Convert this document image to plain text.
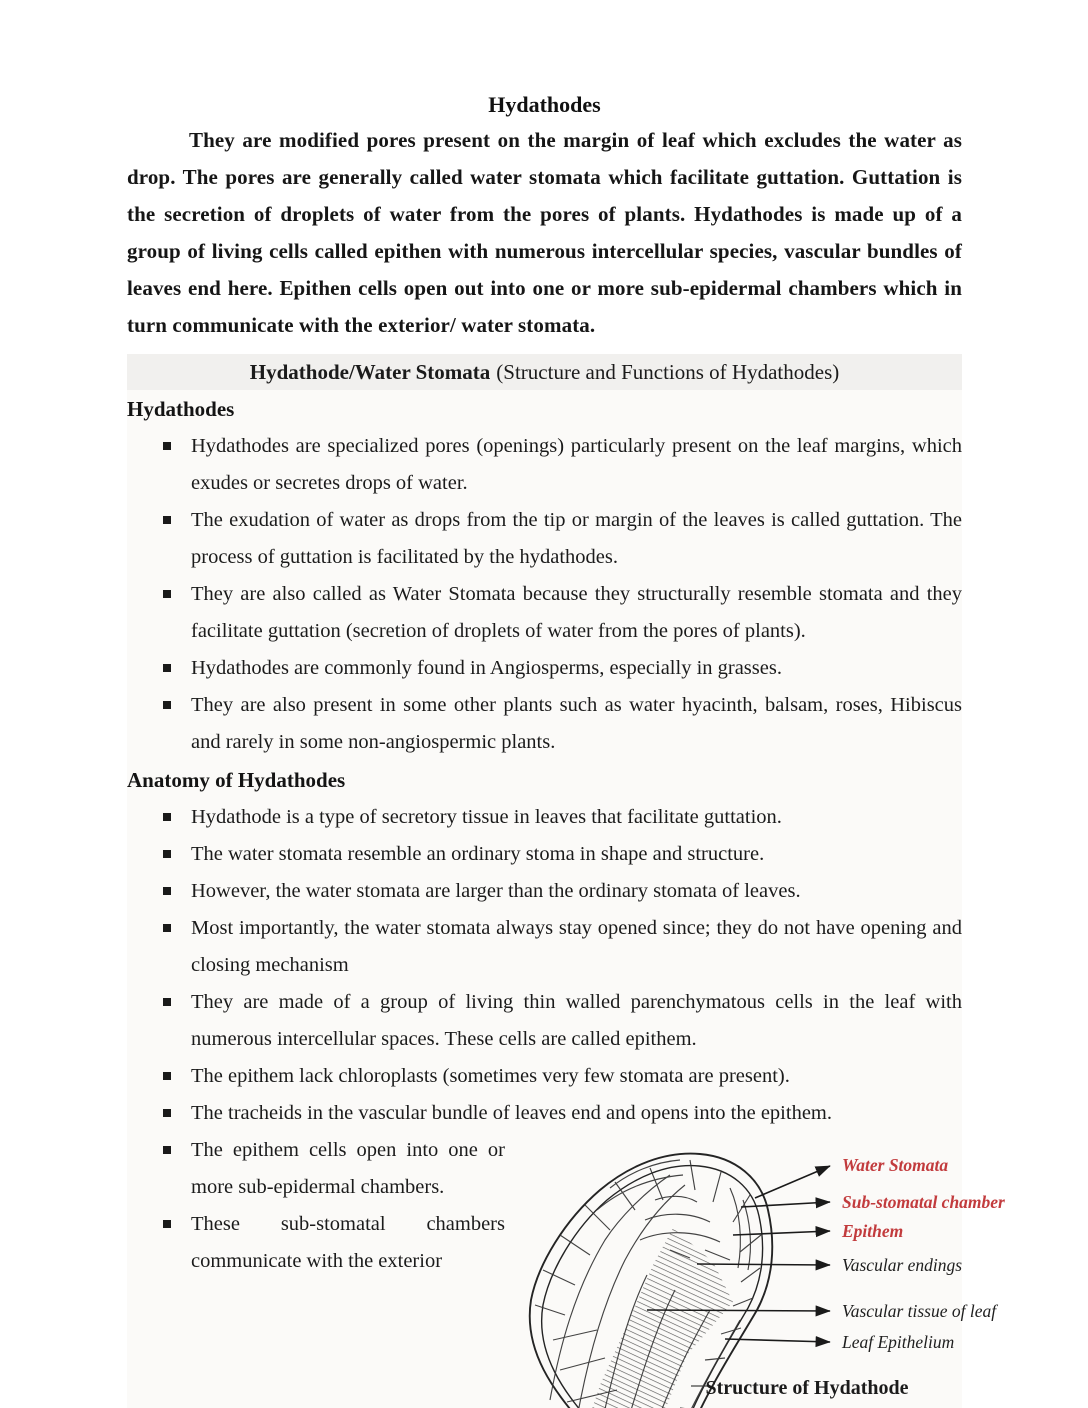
Hydathodes

They are modified pores present on the margin of leaf which excludes the water as drop. The pores are generally called water stomata which facilitate guttation. Guttation is the secretion of droplets of water from the pores of plants. Hydathodes is made up of a group of living cells called epithen with numerous intercellular species, vascular bundles of leaves end here. Epithen cells open out into one or more sub-epidermal chambers which in turn communicate with the exterior/ water stomata.

Hydathode/Water Stomata (Structure and Functions of Hydathodes)
Hydathodes
Hydathodes are specialized pores (openings) particularly present on the leaf margins, which exudes or secretes drops of water.
The exudation of water as drops from the tip or margin of the leaves is called guttation. The process of guttation is facilitated by the hydathodes.
They are also called as Water Stomata because they structurally resemble stomata and they facilitate guttation (secretion of droplets of water from the pores of plants).
Hydathodes are commonly found in Angiosperms, especially in grasses.
They are also present in some other plants such as water hyacinth, balsam, roses, Hibiscus and rarely in some non-angiospermic plants.
Anatomy of Hydathodes
Hydathode is a type of secretory tissue in leaves that facilitate guttation.
The water stomata resemble an ordinary stoma in shape and structure.
However, the water stomata are larger than the ordinary stomata of leaves.
Most importantly, the water stomata always stay opened since; they do not have opening and closing mechanism
They are made of a group of living thin walled parenchymatous cells in the leaf with numerous intercellular spaces. These cells are called epithem.
The epithem lack chloroplasts (sometimes very few stomata are present).
The tracheids in the vascular bundle of leaves end and opens into the epithem.
The epithem cells open into one or more sub-epidermal chambers.
These sub-stomatal chambers communicate with the exterior
Water Stomata
Sub-stomatal chamber
Epithem
Vascular endings
Vascular tissue of leaf
Leaf Epithelium
Structure of Hydathode
